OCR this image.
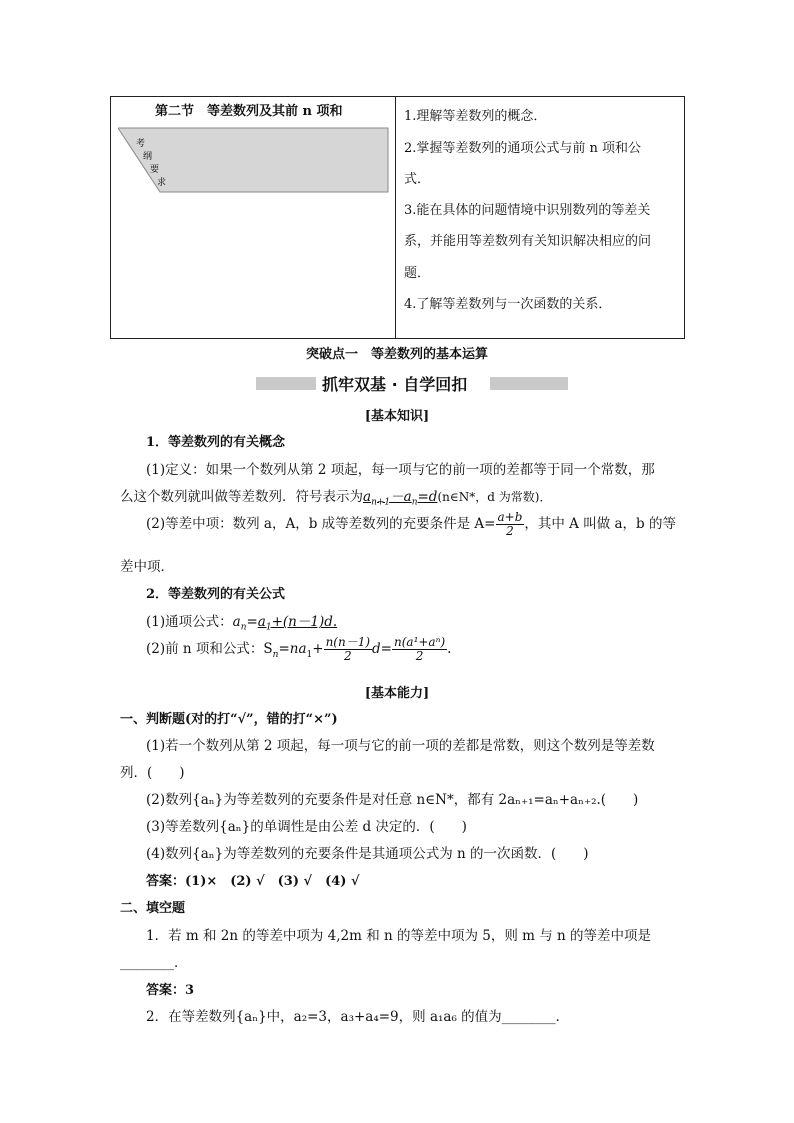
第二节　等差数列及其前 n 项和
考
纲
要
求
1.理解等差数列的概念．
2.掌握等差数列的通项公式与前 n 项和公
式．
3.能在具体的问题情境中识别数列的等差关
系，并能用等差数列有关知识解决相应的问
题．
4.了解等差数列与一次函数的关系．
突破点一　等差数列的基本运算
抓牢双基 · 自学回扣
[基本知识]
1．等差数列的有关概念
(1)定义：如果一个数列从第 2 项起，每一项与它的前一项的差都等于同一个常数，那
么这个数列就叫做等差数列．符号表示为$a_{n+1}-a_n=d(n\in N*$，d 为常数)．
(2)等差中项：数列 a，A，b 成等差数列的充要条件是 $A= \frac{a+b}{2}$ ，其中 A 叫做 a，b 的等
差中项．
2．等差数列的有关公式
(1)通项公式：$a_n=a_1+(n-1)d$.
(2)前 n 项和公式：$S_n=na_1+ \frac{n(n-1)}{2} d= \frac{\text{n(a¹+aⁿ)}}{2}$ .
[基本能力]
一、判断题(对的打“√”，错的打“×”)
(1)若一个数列从第 2 项起，每一项与它的前一项的差都是常数，则这个数列是等差数
列．(　　)
(2)数列{aₙ}为等差数列的充要条件是对任意 n∈N*，都有 2aₙ₊₁=aₙ+aₙ₊₂.(　　)
(3)等差数列{aₙ}的单调性是由公差 d 决定的．(　　)
(4)数列{aₙ}为等差数列的充要条件是其通项公式为 n 的一次函数．(　　)
答案：(1)×　(2) √　(3) √　(4) √
二、填空题
1．若 m 和 2n 的等差中项为 4,2m 和 n 的等差中项为 5，则 m 与 n 的等差中项是
________．
答案：3
2．在等差数列{aₙ}中，a₂=3，a₃+a₄=9，则 a₁a₆ 的值为________．
